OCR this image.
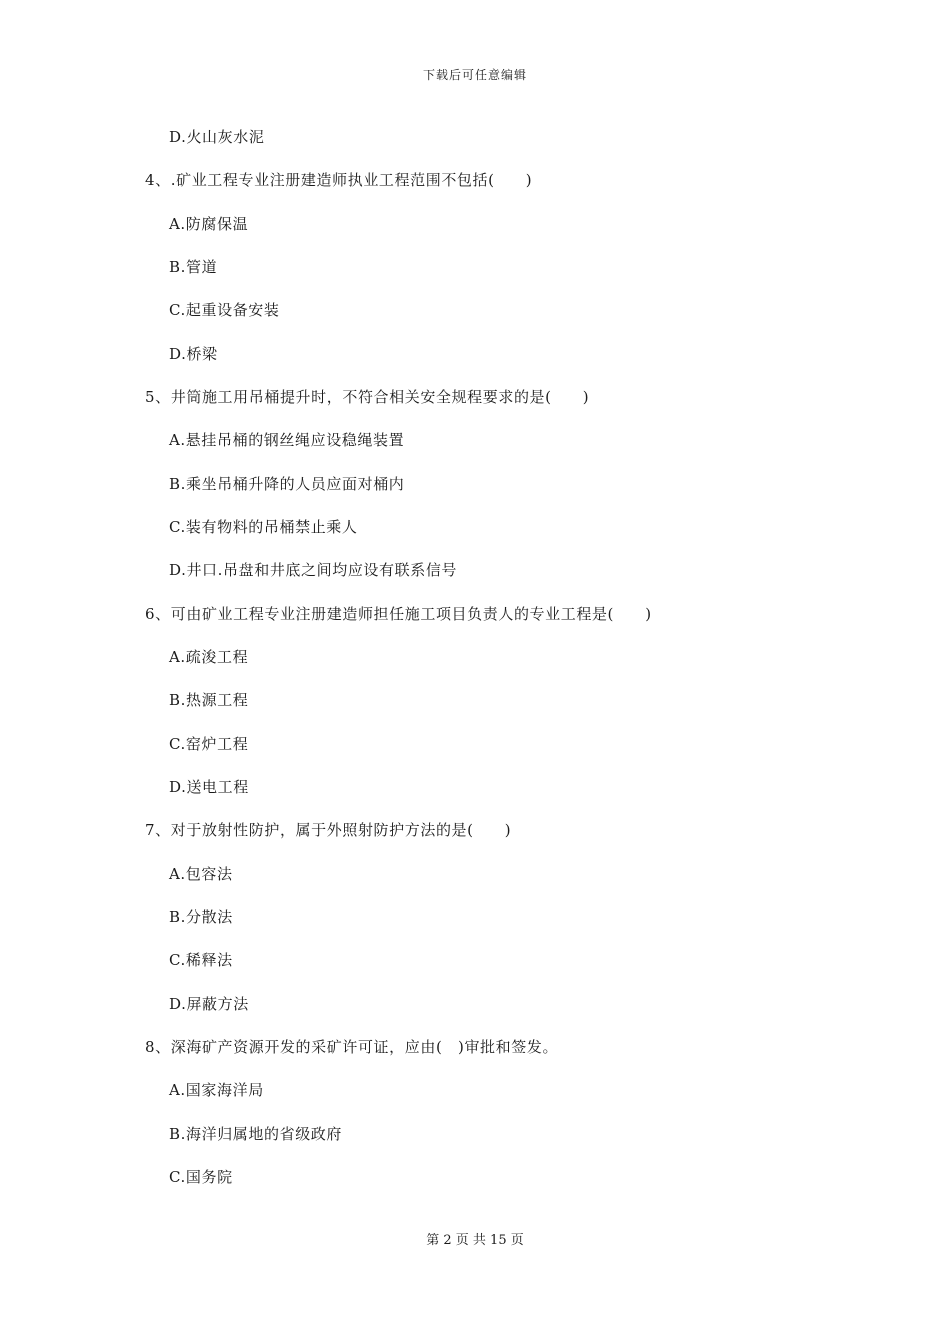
下载后可任意编辑
D.火山灰水泥
4、.矿业工程专业注册建造师执业工程范围不包括(　　)
A.防腐保温
B.管道
C.起重设备安装
D.桥梁
5、井筒施工用吊桶提升时，不符合相关安全规程要求的是(　　)
A.悬挂吊桶的钢丝绳应设稳绳装置
B.乘坐吊桶升降的人员应面对桶内
C.装有物料的吊桶禁止乘人
D.井口.吊盘和井底之间均应设有联系信号
6、可由矿业工程专业注册建造师担任施工项目负责人的专业工程是(　　)
A.疏浚工程
B.热源工程
C.窑炉工程
D.送电工程
7、对于放射性防护，属于外照射防护方法的是(　　)
A.包容法
B.分散法
C.稀释法
D.屏蔽方法
8、深海矿产资源开发的采矿许可证，应由(　)审批和签发。
A.国家海洋局
B.海洋归属地的省级政府
C.国务院
第 2 页 共 15 页
